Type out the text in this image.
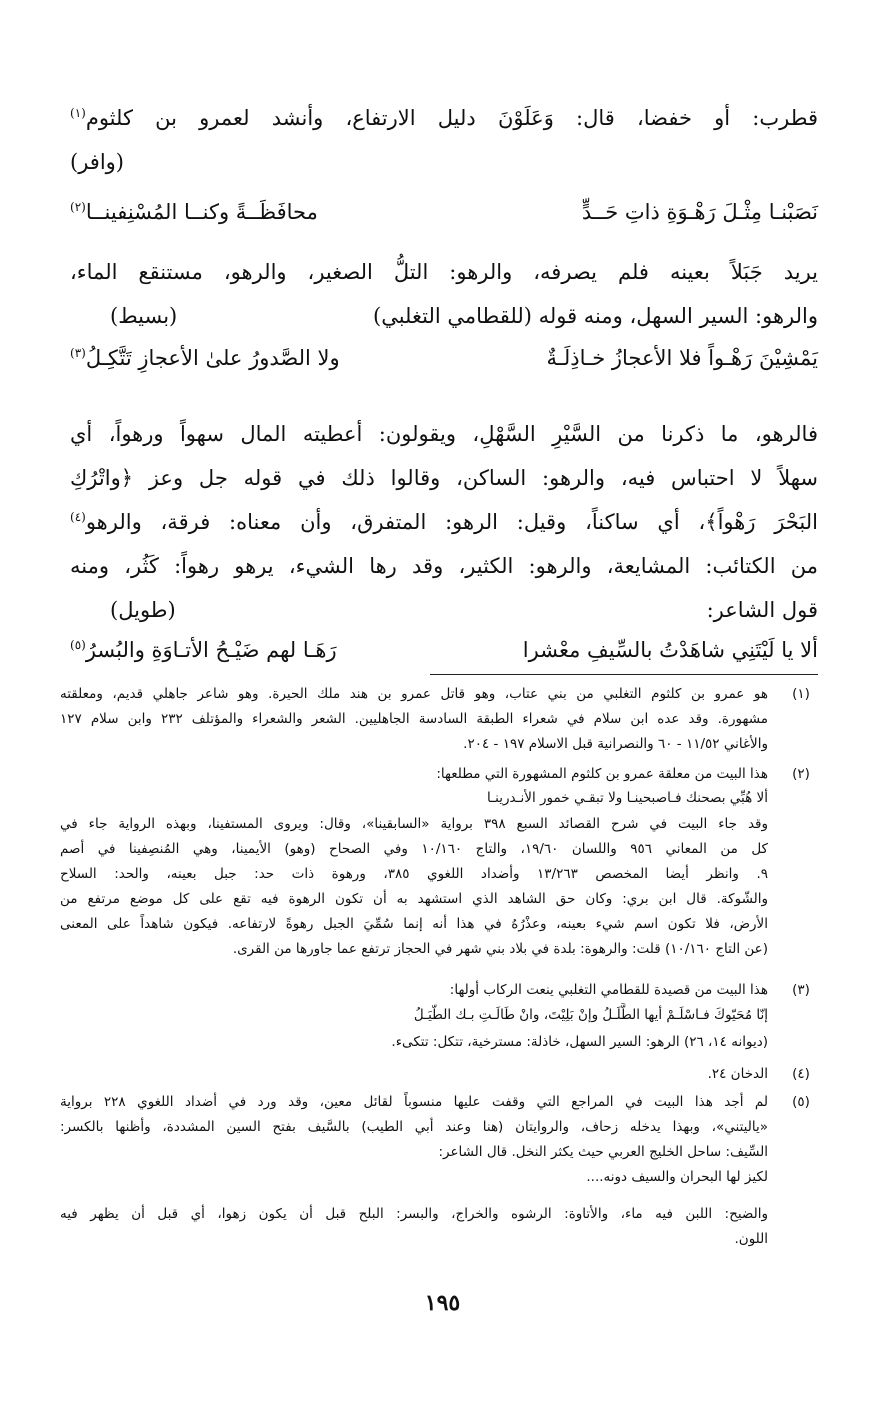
قطرب: أو خفضا، قال: وَعَلَوْنَ دليل الارتفاع، وأنشد لعمرو بن كلثوم$^{(١)}$
(وافر)
نَصَبْنـا مِثْـلَ رَهْـوَةِ ذاتِ حَــدٍّ
محافَظَــةً وكنــا المُسْنِفينــا$^{(٢)}$
يريد جَبَلاً بعينه فلم يصرفه، والرهو: التلُّ الصغير، والرهو، مستنقع الماء،
والرهو: السير السهل، ومنه قوله (للقطامي التغلبي)
(بسيط)
يَمْشِيْنَ رَهْـواً فلا الأعجازُ خـاذِلَـةٌ
ولا الصَّدورُ علىٰ الأعجازِ تَتَّكِـلُ$^{(٣)}$
فالرهو، ما ذكرنا من السَّيْرِ السَّهْلِ، ويقولون: أعطيته المال سهواً ورهواً، أي
سهلاً لا احتباس فيه، والرهو: الساكن، وقالوا ذلك في قوله جل وعز ﴿واتْرُكِ
البَحْرَ رَهْواً﴾، أي ساكناً، وقيل: الرهو: المتفرق، وأن معناه: فرقة، والرهو$^{(٤)}$
من الكتائب: المشايعة، والرهو: الكثير، وقد رها الشيء، يرهو رهواً: كَثُر، ومنه
قول الشاعر:
(طويل)
ألا يا لَيْتَنِي شاهَدْتُ بالسِّيفِ معْشرا
رَهَـا لهم ضَيْـحُ الأتـاوَةِ والبُسرُ$^{(٥)}$
(١)
هو عمرو بن كلثوم التغلبي من بني عتاب، وهو قاتل عمرو بن هند ملك الحيرة. وهو شاعر جاهلي قديم، ومعلقته
مشهورة. وقد عده ابن سلام في شعراء الطبقة السادسة الجاهليين. الشعر والشعراء والمؤتلف ٢٣٢ وابن سلام ١٢٧
والأغاني ١١/٥٢ - ٦٠ والنصرانية قبل الاسلام ١٩٧ - ٢٠٤.
(٢)
هذا البيت من معلقة عمرو بن كلثوم المشهورة التي مطلعها:
ألا هُبِّي بصحنك فـاصبحينـا ولا تبقـي خمور الأنـدرينـا
وقد جاء البيت في شرح القصائد السبع ٣٩٨ برواية «السابقينا»، وقال: ويروى المستفينا، وبهذه الرواية جاء في
كل من المعاني ٩٥٦ واللسان ١٩/٦٠، والتاج ١٠/١٦٠ وفي الصحاح (وهو) الأيمينا، وهي المُنصِفينا في أصم
٩. وانظر أيضا المخصص ١٣/٢٦٣ وأضداد اللغوي ٣٨٥، ورهوة ذات حد: جبل بعينه، والحد: السلاح
والشّوكة. قال ابن بري: وكان حق الشاهد الذي استشهد به أن تكون الرهوة فيه تقع على كل موضع مرتفع من
الأرض، فلا تكون اسم شيء بعينه، وعذْرُهُ في هذا أنه إنما سُمِّيَ الجبل رهوةً لارتفاعه. فيكون شاهداً على المعنى
(عن التاج ١٠/١٦٠) قلت: والرهوة: بلدة في بلاد بني شهر في الحجاز ترتفع عما جاورها من القرى.
(٣)
هذا البيت من قصيدة للقطامي التغلبي ينعت الركاب أولها:
إنّا مُحَيّوكَ فـاسْلَـمْ أيها الطَّلَـلُ وإنْ بَلِيْتَ، وانْ طَالَـتِ بـك الطّيَـلُ
(ديوانه ١٤، ٢٦) الرهو: السير السهل، خاذلة: مسترخية، تتكل: تتكىء.
(٤)
الدخان ٢٤.
(٥)
لم أجد هذا البيت في المراجع التي وقفت عليها منسوباً لقائل معين، وقد ورد في أضداد اللغوي ٢٢٨ برواية
«ياليتني»، وبهذا يدخله زحاف، والروايتان (هنا وعند أبي الطيب) بالسَّيف بفتح السين المشددة، وأظنها بالكسر:
السِّيف: ساحل الخليج العربي حيث يكثر النخل. قال الشاعر:
لكيز لها البحران والسيف دونه....
والضيح: اللبن فيه ماء، والأتاوة: الرشوه والخراج، والبسر: البلح قبل أن يكون زهوا، أي قبل أن يظهر فيه
اللون.
١٩٥
